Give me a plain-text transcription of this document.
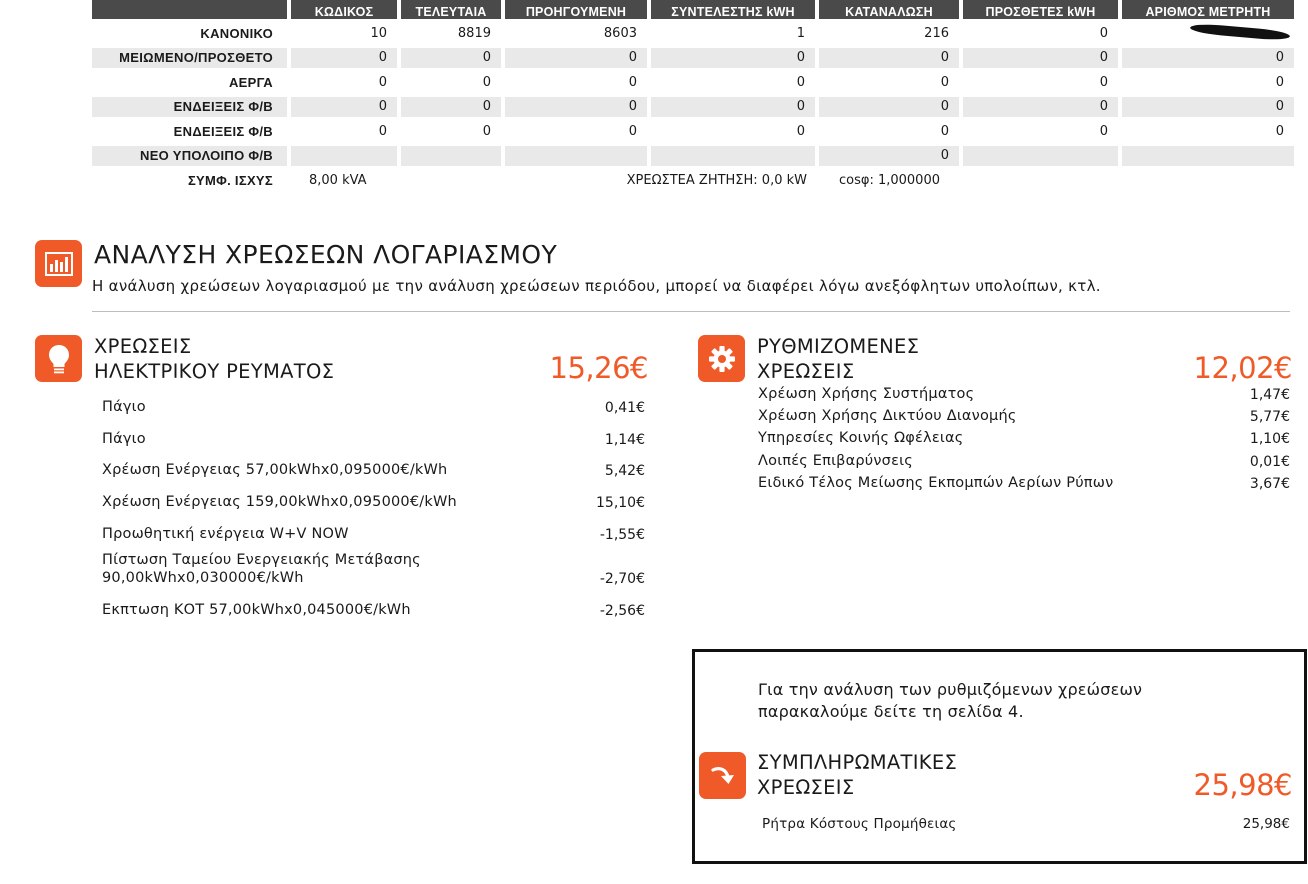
	ΚΩΔΙΚΟΣ	ΤΕΛΕΥΤΑΙΑ	ΠΡΟΗΓΟΥΜΕΝΗ	ΣΥΝΤΕΛΕΣΤΗΣ kWH	ΚΑΤΑΝΑΛΩΣΗ	ΠΡΟΣΘΕΤΕΣ kWH	ΑΡΙΘΜΟΣ ΜΕΤΡΗΤΗ
ΚΑΝΟΝΙΚΟ	10	8819	8603	1	216	0	
ΜΕΙΩΜΕΝΟ/ΠΡΟΣΘΕΤΟ	0	0	0	0	0	0	0
ΑΕΡΓΑ	0	0	0	0	0	0	0
ΕΝΔΕΙΞΕΙΣ Φ/Β	0	0	0	0	0	0	0
ΕΝΔΕΙΞΕΙΣ Φ/Β	0	0	0	0	0	0	0
ΝΕΟ ΥΠΟΛΟΙΠΟ Φ/Β					0		
ΣΥΜΦ. ΙΣΧΥΣ	8,00 kVA		ΧΡΕΩΣΤΕΑ ΖΗΤΗΣΗ: 0,0 kW		cosφ: 1,000000		
ΑΝΑΛΥΣΗ ΧΡΕΩΣΕΩΝ ΛΟΓΑΡΙΑΣΜΟΥ
Η ανάλυση χρεώσεων λογαριασμού με την ανάλυση χρεώσεων περιόδου, μπορεί να διαφέρει λόγω ανεξόφλητων υπολοίπων, κτλ.
ΧΡΕΩΣΕΙΣ
ΗΛΕΚΤΡΙΚΟΥ ΡΕΥΜΑΤΟΣ	15,26€
Πάγιο	0,41€
Πάγιο	1,14€
Χρέωση Ενέργειας 57,00kWhx0,095000€/kWh	5,42€
Χρέωση Ενέργειας 159,00kWhx0,095000€/kWh	15,10€
Προωθητική ενέργεια W+V NOW	-1,55€
Πίστωση Ταμείου Ενεργειακής Μετάβασης
90,00kWhx0,030000€/kWh	-2,70€
Εκπτωση ΚΟΤ 57,00kWhx0,045000€/kWh	-2,56€
ΡΥΘΜΙΖΟΜΕΝΕΣ
ΧΡΕΩΣΕΙΣ	12,02€
Χρέωση Χρήσης Συστήματος	1,47€
Χρέωση Χρήσης Δικτύου Διανομής	5,77€
Υπηρεσίες Κοινής Ωφέλειας	1,10€
Λοιπές Επιβαρύνσεις	0,01€
Ειδικό Τέλος Μείωσης Εκπομπών Αερίων Ρύπων	3,67€
Για την ανάλυση των ρυθμιζόμενων χρεώσεων
παρακαλούμε δείτε τη σελίδα 4.
ΣΥΜΠΛΗΡΩΜΑΤΙΚΕΣ
ΧΡΕΩΣΕΙΣ	25,98€
Ρήτρα Κόστους Προμήθειας	25,98€
